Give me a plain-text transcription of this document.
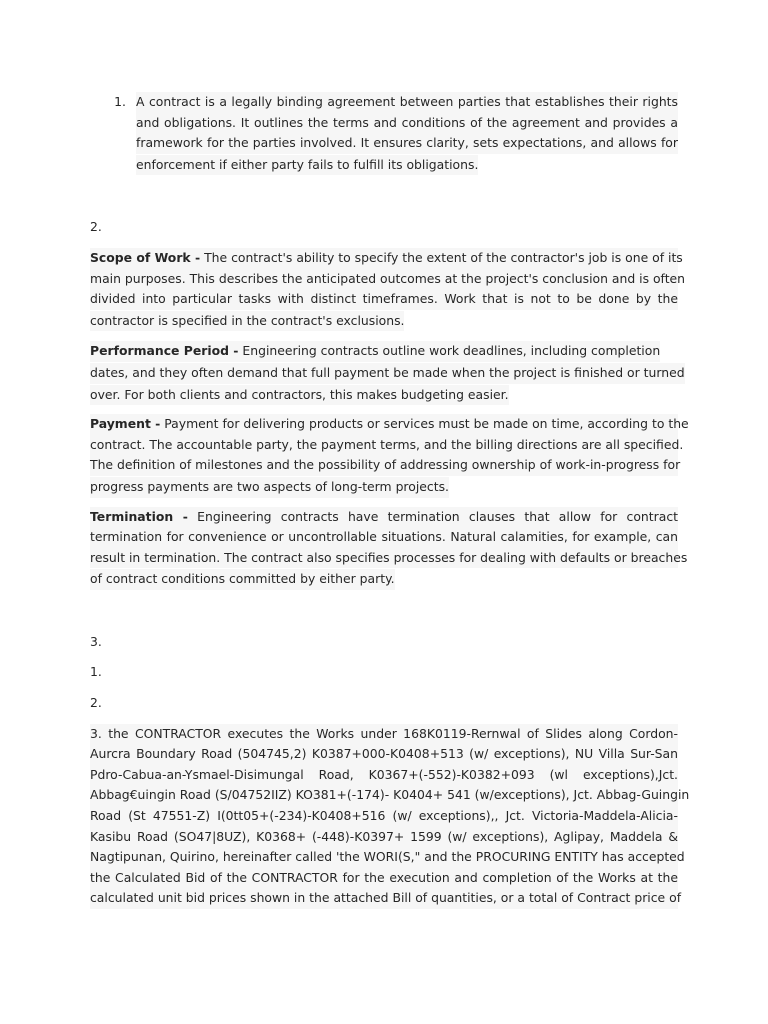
1. A contract is a legally binding agreement between parties that establishes their rights
and obligations. It outlines the terms and conditions of the agreement and provides a
framework for the parties involved. It ensures clarity, sets expectations, and allows for
enforcement if either party fails to fulfill its obligations.
2.
Scope of Work - The contract's ability to specify the extent of the contractor's job is one of its
main purposes. This describes the anticipated outcomes at the project's conclusion and is often
divided into particular tasks with distinct timeframes. Work that is not to be done by the
contractor is specified in the contract's exclusions.
Performance Period - Engineering contracts outline work deadlines, including completion dates, and they often demand that full payment be made when the project is finished or turned over. For both clients and contractors, this makes budgeting easier.
Payment - Payment for delivering products or services must be made on time, according to the
contract. The accountable party, the payment terms, and the billing directions are all specified.
The definition of milestones and the possibility of addressing ownership of work-in-progress for
progress payments are two aspects of long-term projects.
Termination - Engineering contracts have termination clauses that allow for contract
termination for convenience or uncontrollable situations. Natural calamities, for example, can
result in termination. The contract also specifies processes for dealing with defaults or breaches
of contract conditions committed by either party.
3.
1.
2.
3. the CONTRACTOR executes the Works under 168K0119-Rernwal of Slides along Cordon-
Aurcra Boundary Road (504745,2) K0387+000-K0408+513 (w/ exceptions), NU Villa Sur-San
Pdro-Cabua-an-Ysmael-Disimungal Road, K0367+(-552)-K0382+093 (wl exceptions),Jct.
Abbag€uingin Road (S/04752IIZ) KO381+(-174)- K0404+ 541 (w/exceptions), Jct. Abbag-Guingin
Road (St 47551-Z) I(0tt05+(-234)-K0408+516 (w/ exceptions),, Jct. Victoria-Maddela-Alicia-
Kasibu Road (SO47|8UZ), K0368+ (-448)-K0397+ 1599 (w/ exceptions), Aglipay, Maddela &
Nagtipunan, Quirino, hereinafter called 'the WORI(S," and the PROCURING ENTITY has accepted
the Calculated Bid of the CONTRACTOR for the execution and completion of the Works at the
calculated unit bid prices shown in the attached Bill of quantities, or a total of Contract price of
